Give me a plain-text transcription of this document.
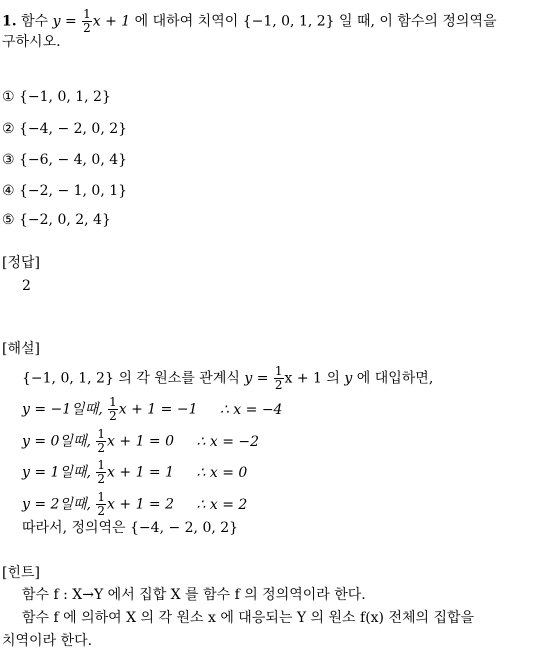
1. 함수 $y = \frac{1}{2}$ x + 1 에 대하여 치역이 {−1, 0, 1, 2} 일 때, 이 함수의 정의역을
구하시오.
① {−1, 0, 1, 2}
② {−4, − 2, 0, 2}
③ {−6, − 4, 0, 4}
④ {−2, − 1, 0, 1}
⑤ {−2, 0, 2, 4}
[정답]
2
[해설]
{−1, 0, 1, 2} 의 각 원소를 관계식 $y = \frac{1}{2}$ x + 1 의 y 에 대입하면,
y = −1일때, $\frac{1}{2}$ x + 1 = −1 ∴ x = −4
y = 0일때, $\frac{1}{2}$ x + 1 = 0 ∴ x = −2
y = 1일때, $\frac{1}{2}$ x + 1 = 1 ∴ x = 0
y = 2일때, $\frac{1}{2}$ x + 1 = 2 ∴ x = 2
따라서, 정의역은 {−4, − 2, 0, 2}
[힌트]
함수 f : X→Y 에서 집합 X 를 함수 f 의 정의역이라 한다.
함수 f 에 의하여 X 의 각 원소 x 에 대응되는 Y 의 원소 f(x) 전체의 집합을
치역이라 한다.
